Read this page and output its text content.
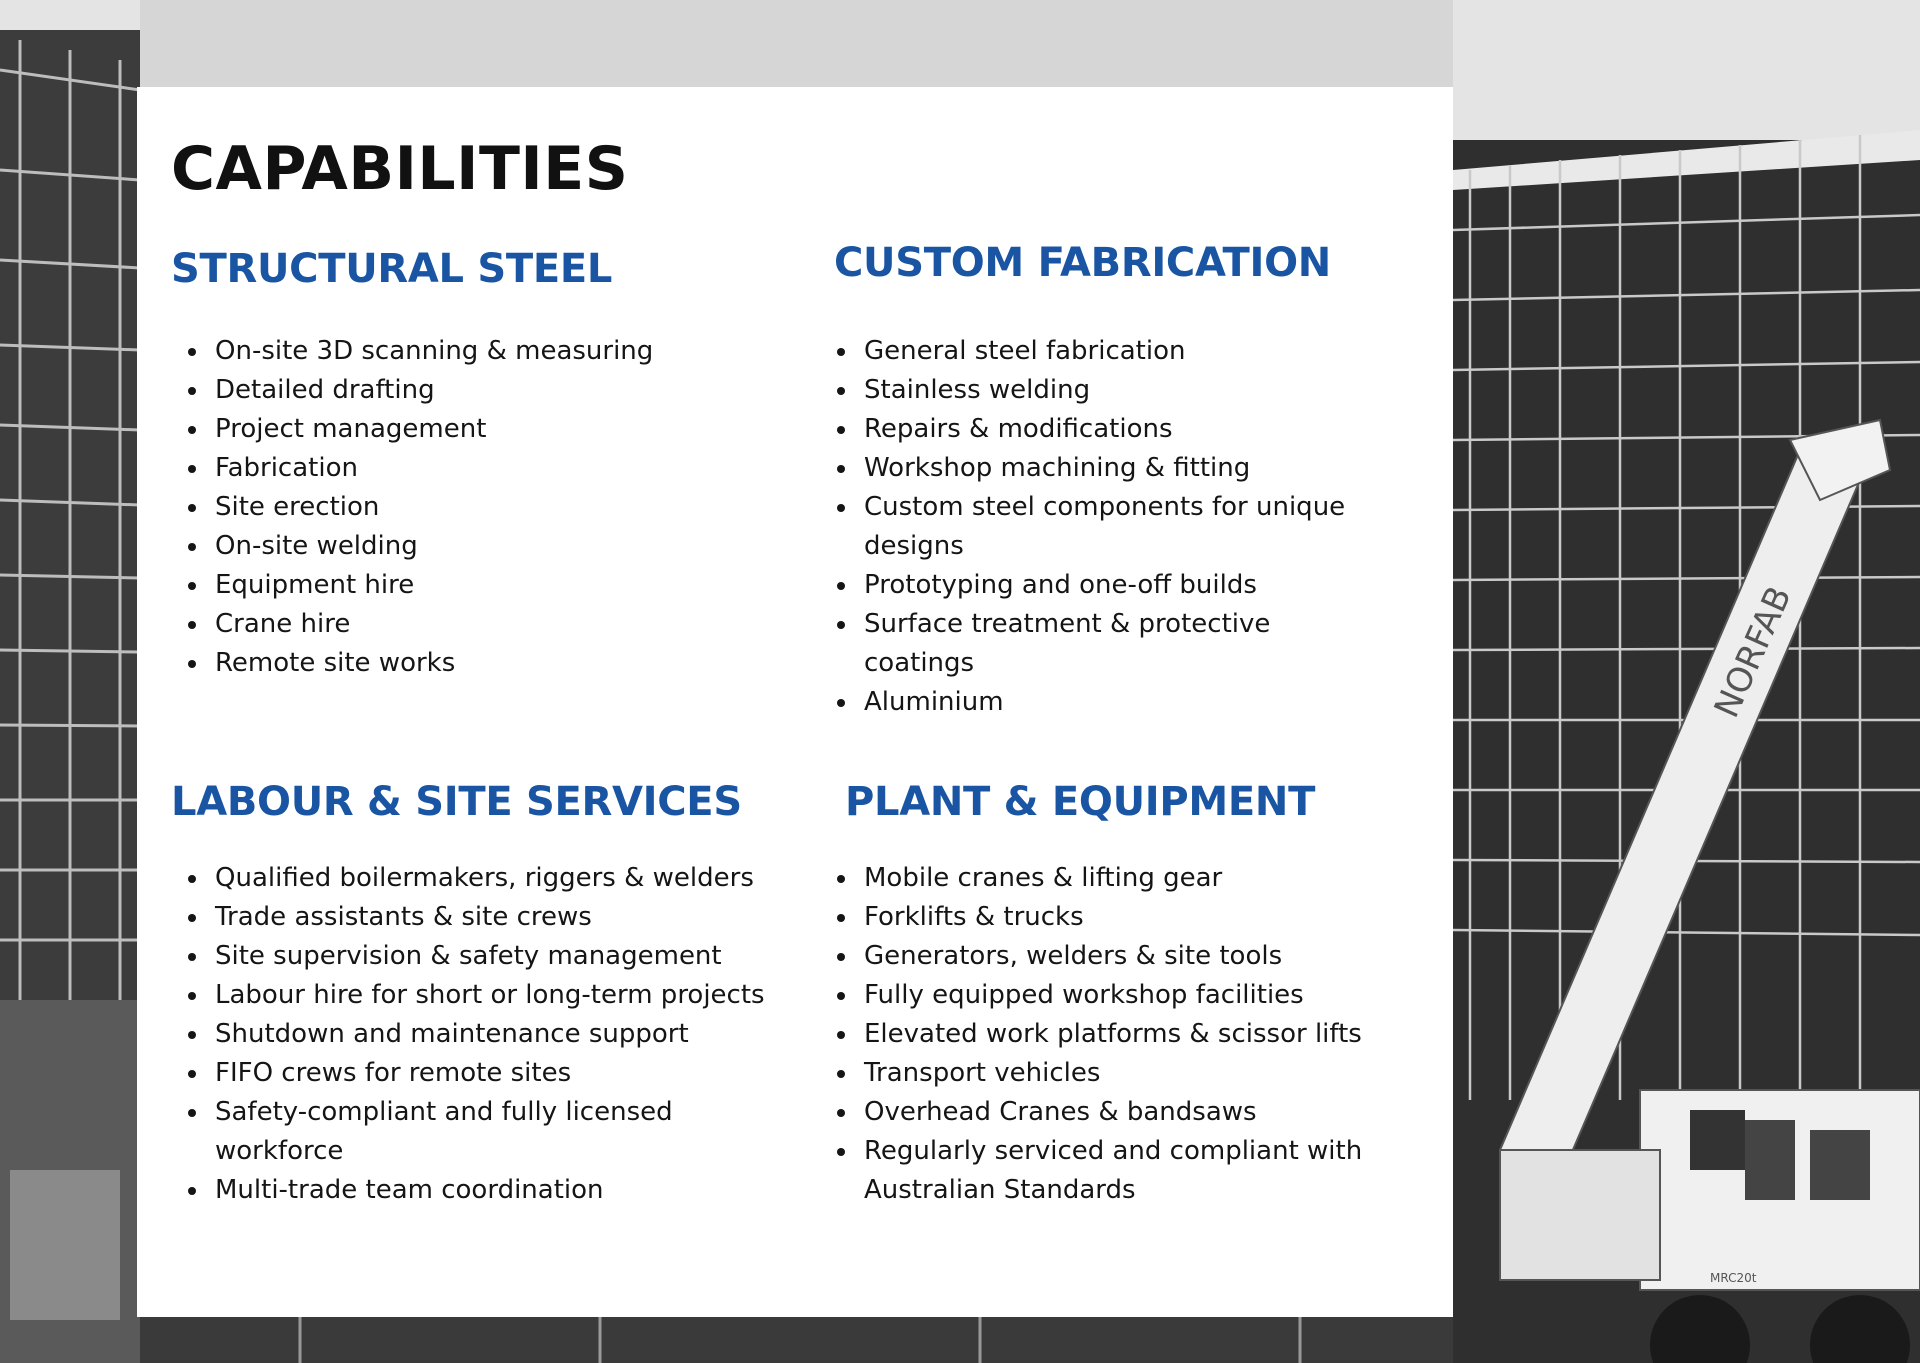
NORFAB
MRC20t
CAPABILITIES
STRUCTURAL STEEL
On-site 3D scanning & measuring
Detailed drafting
Project management
Fabrication
Site erection
On-site welding
Equipment hire
Crane hire
Remote site works
CUSTOM FABRICATION
General steel fabrication
Stainless welding
Repairs & modifications
Workshop machining & fitting
Custom steel components for unique
designs
Prototyping and one-off builds
Surface treatment & protective
coatings
Aluminium
LABOUR & SITE SERVICES
Qualified boilermakers, riggers & welders
Trade assistants & site crews
Site supervision & safety management
Labour hire for short or long-term projects
Shutdown and maintenance support
FIFO crews for remote sites
Safety-compliant and fully licensed
workforce
Multi-trade team coordination
PLANT & EQUIPMENT
Mobile cranes & lifting gear
Forklifts & trucks
Generators, welders & site tools
Fully equipped workshop facilities
Elevated work platforms & scissor lifts
Transport vehicles
Overhead Cranes & bandsaws
Regularly serviced and compliant with
Australian Standards
